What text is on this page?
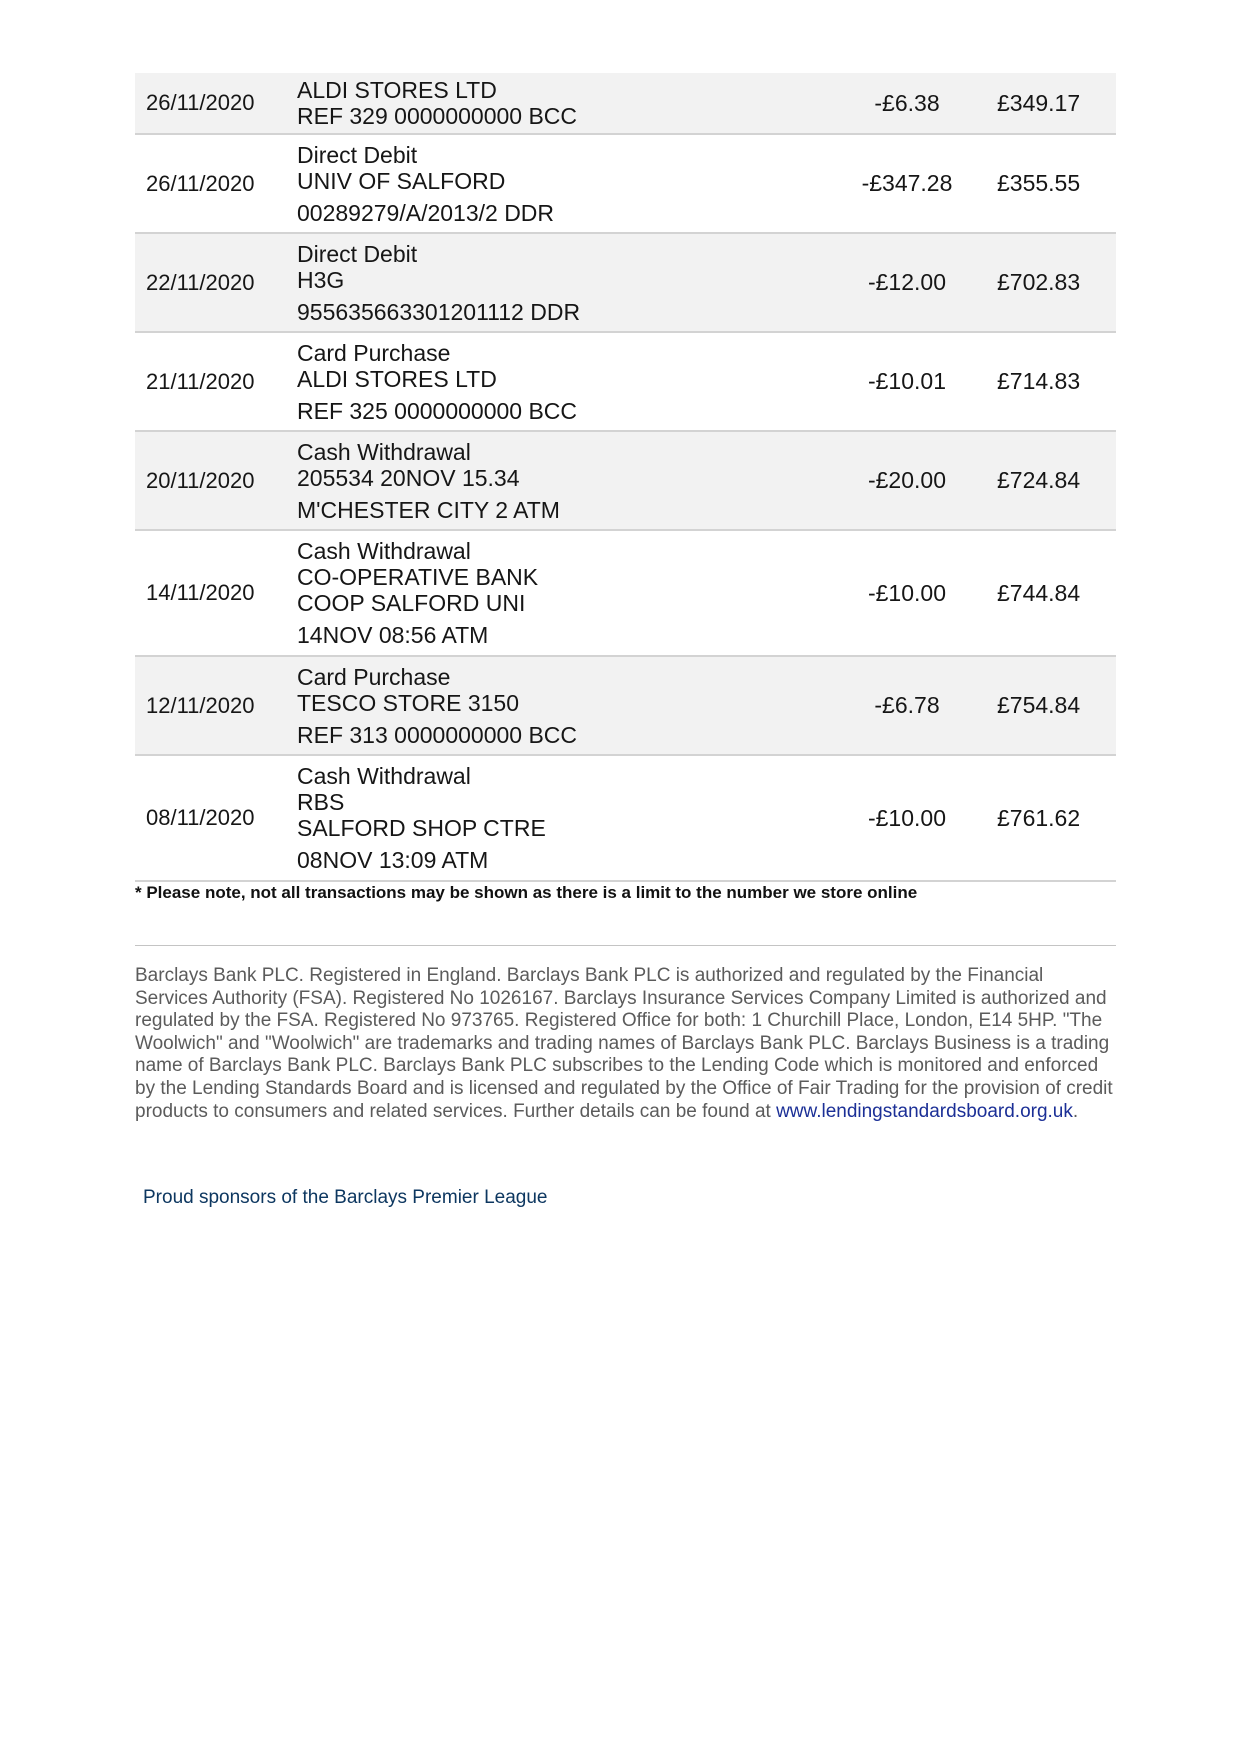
26/11/2020 ALDI STORES LTD
REF 329 0000000000 BCC
-£6.38	£349.17
26/11/2020
Direct Debit
UNIV OF SALFORD
00289279/A/2013/2 DDR
-£347.28	£355.55
22/11/2020
Direct Debit
H3G
955635663301201112 DDR
-£12.00	£702.83
21/11/2020
Card Purchase
ALDI STORES LTD
REF 325 0000000000 BCC
-£10.01	£714.83
20/11/2020
Cash Withdrawal
205534 20NOV 15.34
M'CHESTER CITY 2 ATM
-£20.00	£724.84
14/11/2020
Cash Withdrawal
CO-OPERATIVE BANK
COOP SALFORD UNI
14NOV 08:56 ATM
-£10.00	£744.84
12/11/2020
Card Purchase
TESCO STORE 3150
REF 313 0000000000 BCC
-£6.78	£754.84
08/11/2020
Cash Withdrawal
RBS
SALFORD SHOP CTRE
08NOV 13:09 ATM
-£10.00	£761.62
* Please note, not all transactions may be shown as there is a limit to the number we store online
Barclays Bank PLC. Registered in England. Barclays Bank PLC is authorized and regulated by the Financial Services Authority (FSA). Registered No 1026167. Barclays Insurance Services Company Limited is authorized and regulated by the FSA. Registered No 973765. Registered Office for both: 1 Churchill Place, London, E14 5HP. "The Woolwich" and "Woolwich" are trademarks and trading names of Barclays Bank PLC. Barclays Business is a trading name of Barclays Bank PLC. Barclays Bank PLC subscribes to the Lending Code which is monitored and enforced by the Lending Standards Board and is licensed and regulated by the Office of Fair Trading for the provision of credit products to consumers and related services. Further details can be found at www.lendingstandardsboard.org.uk.
Proud sponsors of the Barclays Premier League
